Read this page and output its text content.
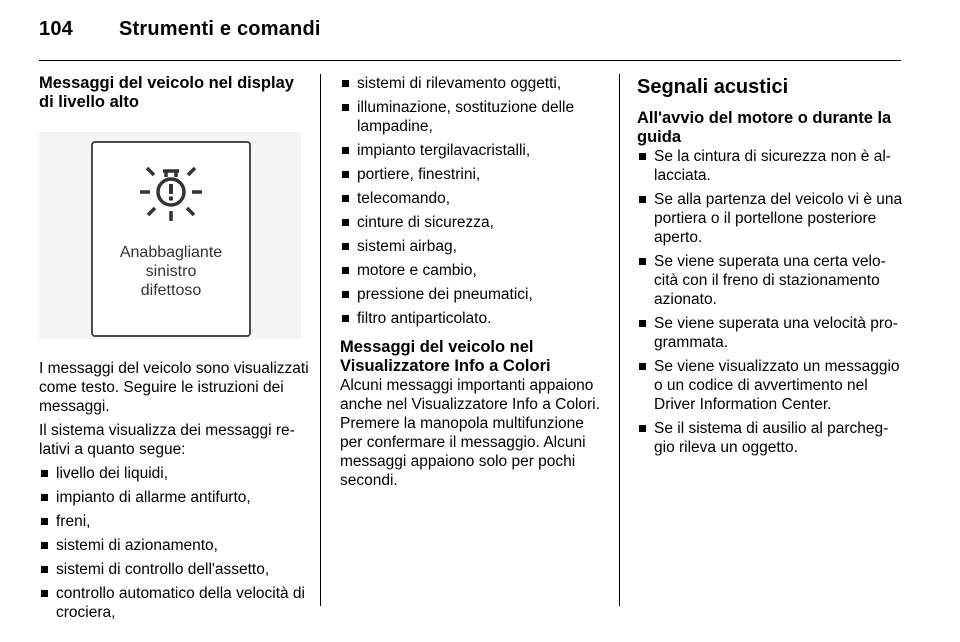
104 Strumenti e comandi
Messaggi del veicolo nel display di livello alto
Anabbagliante
sinistro
difettoso

I messaggi del veicolo sono visualizzati come testo. Seguire le istruzioni dei messaggi.

Il sistema visualizza dei messaggi relativi a quanto segue:

livello dei liquidi,
impianto di allarme antifurto,
freni,
sistemi di azionamento,
sistemi di controllo dell'assetto,
controllo automatico della velocità di crociera,
sistemi di rilevamento oggetti,
illuminazione, sostituzione delle lampadine,
impianto tergilavacristalli,
portiere, finestrini,
telecomando,
cinture di sicurezza,
sistemi airbag,
motore e cambio,
pressione dei pneumatici,
filtro antiparticolato.
Messaggi del veicolo nel Visualizzatore Info a Colori

Alcuni messaggi importanti appaiono anche nel Visualizzatore Info a Colori. Premere la manopola multifunzione per confermare il messaggio. Alcuni messaggi appaiono solo per pochi secondi.

Segnali acustici
All'avvio del motore o durante la guida
Se la cintura di sicurezza non è allacciata.
Se alla partenza del veicolo vi è una portiera o il portellone posteriore aperto.
Se viene superata una certa velocità con il freno di stazionamento azionato.
Se viene superata una velocità programmata.
Se viene visualizzato un messaggio o un codice di avvertimento nel Driver Information Center.
Se il sistema di ausilio al parcheggio rileva un oggetto.
